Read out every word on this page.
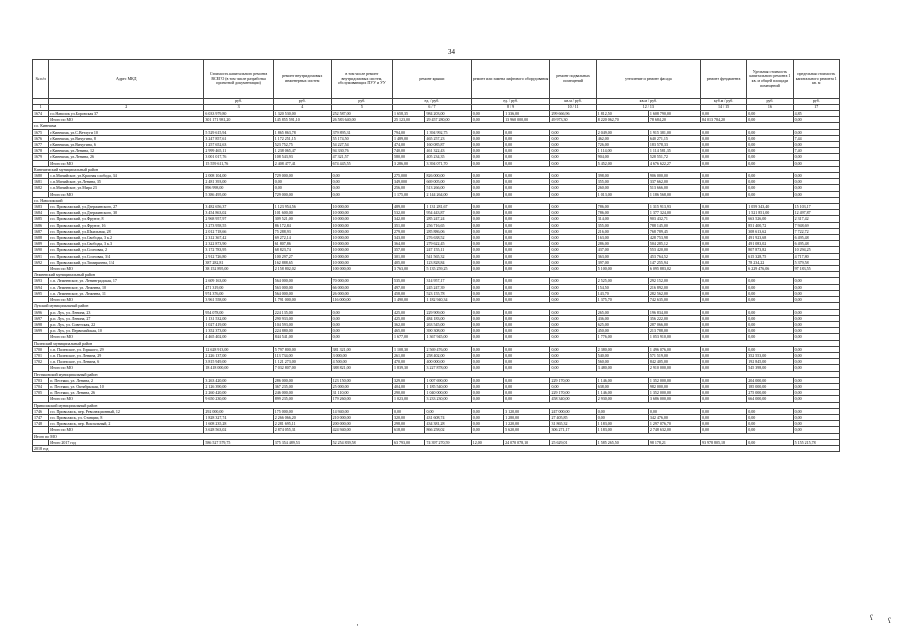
34
№ п/п	Адрес МКД	Стоимость капитального ремонта ВСЕГО (в том числе разработка проектной документации)	ремонт внутридомовых инженерных систем	в том числе ремонт внутридомовых систем, обслуживающих ПУУ и УУ	ремонт крыши		ремонт или замена лифтового оборудования		ремонт подвальных помещений	утепление и ремонт фасада		ремонт фундамента	Удельная стоимость капитального ремонта 1 кв. м общей площади помещений	предельная стоимость капитального ремонта 1 кв. м
		руб.	руб.	руб.	ед. / руб.		ед. / руб.		кв.м / руб.	кв.м / руб.		куб.м / руб.	руб.	руб.
1	2	3	4	5	6 / 7		8 / 9		10 / 11	12 / 13		14 / 15	16	17
1674	г.о.Наволок ул.Боровская 37	6 033 979,80	1 320 530,00	252 587,00	1 658,35	984 203,00	0,00	1 336,00	299 666,96	1 812,50	1 608 790,00	0,00	0,00	4,85
	Итого по МО	301 171 981,20	145 855 591,10	26 583 640,00	25 123,00	29 457 280,00	0,00	13 960 000,00	49 973,30	8 220 062,70	78 684,20	84 013 784,20	0,00	0,00
г.о. Кинешма														
1675	г.Кинешма, ул.С.Ветлуги 10	5 529 615,94	1 865 863,78	379 895,31	794,00	1 394 992,75	0,00	0,00	0,00	2 049,00	1 915 381,00	0,00	0,00	0,00
1676	г.Кинешма, ул.Вичугина, 8	3 247 857,61	1 172 251,15	55 174,50	1 489,00	465 257,23	0,00	0,00	0,00	462,00	640 271,15	0,00	0,00	7,44
1677	г.Кинешма, ул.Вичугина, 6	1 257 652,63	523 752,75	54 227,54	474,00	160 085,87	0,00	0,00	0,00	726,00	183 578,33	0,00	0,00	0,00
1678	г.Кинешма, ул.Ленина, 12	2 999 465,11	1 238 065,47	94 330,76	740,00	461 322,43	0,00	0,00	0,00	1 114,00	1 114 581,35	0,00	0,00	7,40
1679	г.Кинешма, ул.Ленина, 26	3 001 017,76	108 543,93	47 321,57	580,00	405 234,35	0,00	0,00	0,00	904,00	528 551,72	0,00	0,00	0,00
	Итого по МО	15 559 611,76	2 408 477,41	674 445,55	3 286,00	3 394 071,70	0,00	0,00	0,00	5 452,00	4 676 622,27	0,00	0,00	0,00
Кинешемский муниципальный район														
1680	с.п.Мичийское, ул.Красная слобода, 34	2 008 104,00	729 000,00	0,00	275,000	826 000,00	0,00	0,00	0,00	398,00	906 000,00	0,00	0,00	0,00
1681	с.п.Мичийское, ул.Ленина, 35	2 481 393,00	0,00	0,00	349,000	669 005,00	0,00	0,00	0,00	355,00	337 662,00	0,00	0,00	0,00
1682	с.п.Мичийское, ул.Мира 23	896 998,00	0,00	0,00	256,00	513 266,00	0,00	0,00	0,00	260,00	513 666,00	0,00	0,00	0,00
	Итого по МО	5 386 495,00	729 000,00	0,00	1 175,00	2 144 264,00	0,00	0,00	0,00	1 013,00	1 186 568,00	0,00	0,00	0,00
г.о. Наволокский														
1683	г.п. Приволжский, ул.Дзержинского, 27	3 482 656,37	1 123 954,56	10 000,00	489,00	1 131 281,67	0,00	0,00	0,00	786,00	1 315 913,93	0,00	1 059 343,40	15 103,17
1684	г.п. Приволжский, ул.Дзержинского, 30	3 454 863,02	101 600,00	10 000,00	532,00	954 443,87	0,00	0,00	0,00	786,00	1 377 324,00	0,00	1 521 851,00	12 497,87
1685	г.п. Приволжский, ул.Фрунзе, 8	2 968 957,97	309 521,00	10 000,00	342,00	285 247,24	0,00	0,00	0,00	314,00	903 432,71	0,00	663 526,00	2 317,42
1686	г.п. Приволжский, ул.Фрунзе, 16	3 273 958,55	86 172,84	10 000,00	351,00	256 716,65	0,00	0,00	0,00	355,00	788 145,00	0,00	851 400,72	7 948,69
1687	г.п. Приволжский, ул.Шкильная, 28	2 012 718,66	75 288,93	10 000,00	279,00	285 886,06	0,00	0,00	0,00	216,00	768 789,45	0,00	308 613,62	7 722,72
1688	г.п. Приволжский, ул.Свободы, 3 к.2	2 312 367,42	69 272,14	10 000,00	343,00	276 638,52	0,00	0,00	0,00	163,00	428 753,98	0,00	491 923,68	6 495,48
1689	г.п. Приволжский, ул.Свободы, 3 к.3	2 322 873,90	61 807,86	10 000,00	364,00	279 622,45	0,00	0,00	0,00	286,00	504 285,12	0,00	491 083,02	6 495,48
1690	г.п. Приволжский, ул.Сосновая, 2	3 172 783,95	68 823,74	10 000,00	357,00	247 155,11	0,00	0,00	0,00	437,00	553 420,00	0,00	807 873,82	10 294,25
1691	г.п. Приволжский, ул.Сосновая, 3/4	2 912 726,80	100 297,27	10 000,00	301,00	541 565,32	0,00	0,00	0,00	363,00	453 764,52	0,00	615 328,75	4 717,80
1692	г.п. Приволжский, ул.Тимирязева, 1/4	387 282,81	162 888,65	10 000,00	405,00	123 828,84	0,00	0,00	0,00	397,00	147 255,94	0,00	78 234,22	5 379,58
	Итого по МО	38 152 895,00	2 158 802,02	100 000,00	3 763,00	5 135 259,25	0,00	0,00	0,00	5 100,00	6 095 883,02	0,00	6 229 476,06	97 183,55
Лежневский муниципальный район														
1693	с.п. Лежневское, ул. Ленинградская, 17	2 609 163,00	564 000,00	70 000,00	535,00	314 957,17	0,00	0,00	0,00	2 525,00	292 152,00	0,00	0,00	0,00
1694	с.п. Лежневское, ул. Лежнева, 10	471 319,00	563 000,00	66 000,00	497,00	245 247,39	0,00	0,00	0,00	154,50	216 892,00	0,00	0,00	0,00
1695	с.п. Лежневское, ул. Лежнева, 11	974 376,00	564 000,00	26 000,00	458,00	523 155,78	0,00	0,00	0,00	143,70	282 562,00	0,00	0,00	0,00
	Итого по МО	3 961 558,00	1 791 000,00	116 000,00	1 490,00	1 182 940,34	0,00	0,00	0,00	1 375,70	742 635,00	0,00	0,00	0,00
Лухский муниципальный район														
1696	р.п. Лух, ул. Ленина, 23	954 078,00	224 135,00	0,00	425,00	229 909,00	0,00	0,00	0,00	265,00	196 834,00	0,00	0,00	0,00
1697	р.п. Лух, ул. Ленина, 27	1 131 532,00	290 933,00	0,00	425,00	484 183,00	0,00	0,00	0,00	436,00	356 222,00	0,00	0,00	0,00
1698	р.п. Лух, ул. Советская, 22	1 027 419,00	104 593,00	0,00	362,00	263 545,00	0,00	0,00	0,00	625,00	287 066,00	0,00	0,00	0,00
1699	р.п. Лух, ул. Первомайская, 10	1 352 373,00	224 880,00	0,00	465,00	390 308,00	0,00	0,00	0,00	450,00	213 788,00	0,00	0,00	0,00
	Итого по МО	4 465 402,00	844 541,00	0,00	1 677,00	1 367 945,00	0,00	0,00	0,00	1 776,00	1 053 910,00	0,00	0,00	0,00
Палехский муниципальный район														
1700	с.п. Палехское, ул. Горького, 29	12 628 913,00	5 797 800,00	381 321,00	1 108,30	2 569 476,00	0,00	0,00	0,00	2 380,00	1 496 076,00	0,00	0,00	0,00
1701	с.п. Палехское, ул. Ленина, 29	2 226 137,00	113 734,00	3 000,00	261,00	258 402,00	0,00	0,00	0,00	540,00	571 519,00	0,00	352 553,00	0,00
1702	с.п. Палехское, ул. Ленина, 6	3 815 949,00	1 121 273,00	4 500,00	470,00	400 000,00	0,00	0,00	0,00	560,00	842 405,00	0,00	192 845,00	0,00
	Итого по МО	18 418 000,00	7 032 807,00	388 821,00	1 839,30	3 227 878,00	0,00	0,00	0,00	3 480,00	2 910 000,00	0,00	545 398,00	0,00
Пестяковский муниципальный район														
1703	п. Пестяки, ул. Ленина, 2	3 263 420,00	286 000,00	123 150,00	329,00	1 007 690,00	0,00	0,00	229 170,00	1 146,00	1 352 000,00	0,00	204 000,00	0,00
1704	п. Пестяки, ул. Октябрьская, 10	2 126 390,00	367 235,00	25 000,00	404,00	1 185 540,00	0,00	0,00	0,00	638,00	982 000,00	0,00	185 000,00	0,00
1705	п. Пестяки, ул. Ленина, 26	2 260 420,00	246 000,00	31 110,00	290,00	1 040 000,00	0,00	0,00	229 170,00	1 146,00	1 352 000,00	0,00	275 000,00	0,00
	Итого по МО	9 650 230,00	899 235,00	179 260,00	1 023,00	3 233 230,00	0,00	0,00	458 340,00	2 930,00	3 686 000,00	0,00	664 000,00	0,00
Приволжский муниципальный район														
1746	г.п. Приволжск, пер. Революционный, 12	292 000,00	175 000,00	14 940,00	0,00	0,00	0,00	3 120,00	247 000,00	0,00	0,00	0,00	0,00	0,00
1747	г.п. Приволжск, ул. Станции, 8	1 828 327,74	2 266 066,20	210 000,00	320,00	431 608,74	0,00	1 280,00	27 405,85	0,00	342 476,00	0,00	0,00	0,00
1748	г.п. Приволжск, пер. Вокзальный, 2	1 608 235,28	2 281 695,11	200 000,00	298,00	434 381,28	0,00	1 220,00	31 865,32	1 183,00	1 297 076,70	0,00	0,00	0,00
	Итого по МО	3 628 563,02	2 874 055,31	424 940,00	618,00	866 258,02	0,00	5 620,00	306 271,17	1 183,00	2 748 632,00	0,00	0,00	0,00
Итого по МО														
	Итого 2017 год	586 527 579,75	375 354 489,53	52 254 839,58	63 793,00	74 397 270,59	12,00	24 070 078,10	25 629,01	1 585 265,50	98 178,21	93 978 805,18	0,00	5 155 215,78
2018 год														
·
ʕ ʕ
